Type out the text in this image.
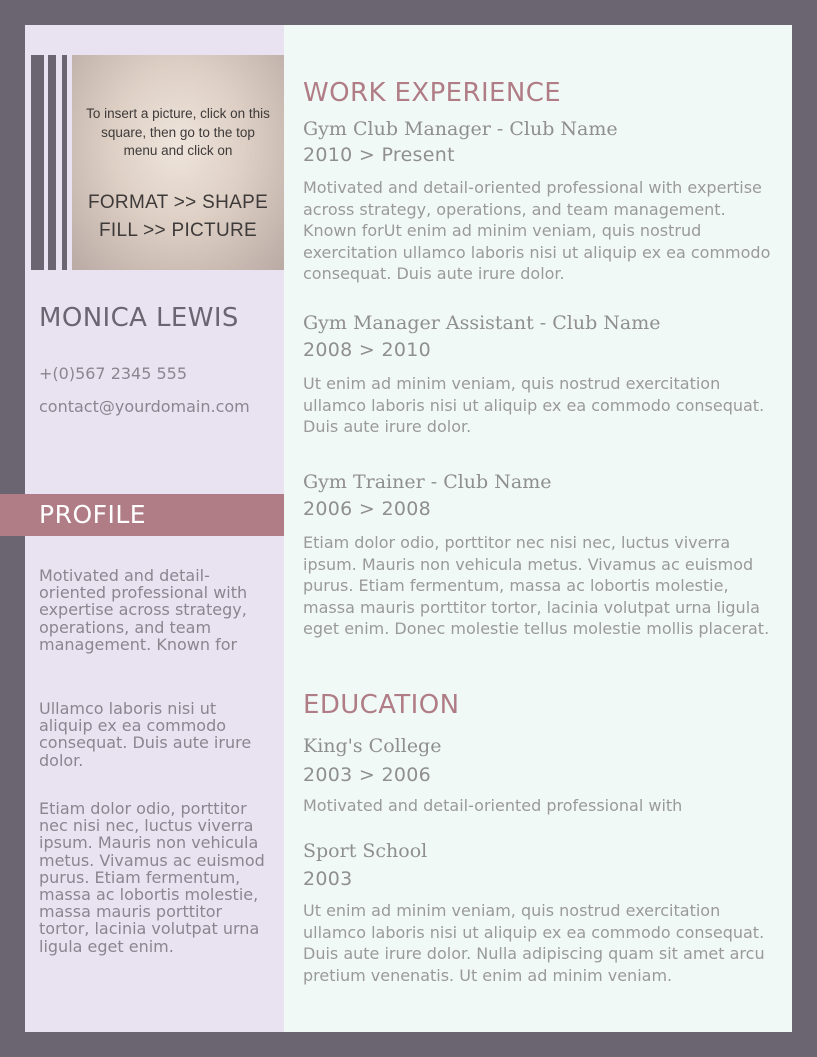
To insert a picture, click on this square, then go to the top menu and click on
FORMAT >> SHAPE FILL >> PICTURE
MONICA LEWIS
+(0)567 2345 555
contact@yourdomain.com
PROFILE
Motivated and detail-oriented professional with expertise across strategy, operations, and team management. Known for
Ullamco laboris nisi ut aliquip ex ea commodo consequat. Duis aute irure dolor.
Etiam dolor odio, porttitor nec nisi nec, luctus viverra ipsum. Mauris non vehicula metus. Vivamus ac euismod purus. Etiam fermentum, massa ac lobortis molestie, massa mauris porttitor tortor, lacinia volutpat urna ligula eget enim.
WORK EXPERIENCE
Gym Club Manager - Club Name
2010 > Present
Motivated and detail-oriented professional with expertise across strategy, operations, and team management. Known forUt enim ad minim veniam, quis nostrud exercitation ullamco laboris nisi ut aliquip ex ea commodo consequat. Duis aute irure dolor.
Gym Manager Assistant - Club Name
2008 > 2010
Ut enim ad minim veniam, quis nostrud exercitation ullamco laboris nisi ut aliquip ex ea commodo consequat. Duis aute irure dolor.
Gym Trainer - Club Name
2006 > 2008
Etiam dolor odio, porttitor nec nisi nec, luctus viverra ipsum. Mauris non vehicula metus. Vivamus ac euismod purus. Etiam fermentum, massa ac lobortis molestie, massa mauris porttitor tortor, lacinia volutpat urna ligula eget enim. Donec molestie tellus molestie mollis placerat.
EDUCATION
King's College
2003 > 2006
Motivated and detail-oriented professional with
Sport School
2003
Ut enim ad minim veniam, quis nostrud exercitation ullamco laboris nisi ut aliquip ex ea commodo consequat. Duis aute irure dolor. Nulla adipiscing quam sit amet arcu pretium venenatis. Ut enim ad minim veniam.
